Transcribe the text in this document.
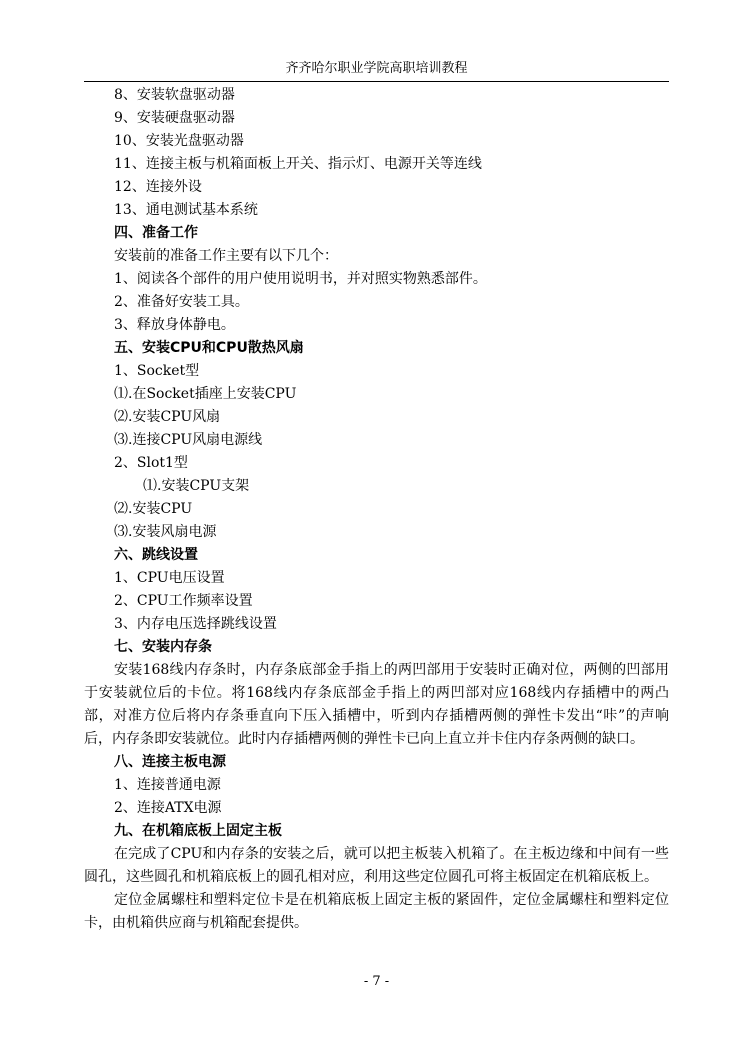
齐齐哈尔职业学院高职培训教程
8、安装软盘驱动器
9、安装硬盘驱动器
10、安装光盘驱动器
11、连接主板与机箱面板上开关、指示灯、电源开关等连线
12、连接外设
13、通电测试基本系统
四、准备工作
安装前的准备工作主要有以下几个：
1、阅读各个部件的用户使用说明书，并对照实物熟悉部件。
2、准备好安装工具。
3、释放身体静电。
五、安装CPU和CPU散热风扇
1、Socket型
⑴.在Socket插座上安装CPU
⑵.安装CPU风扇
⑶.连接CPU风扇电源线
2、Slot1型
⑴.安装CPU支架
⑵.安装CPU
⑶.安装风扇电源
六、跳线设置
1、CPU电压设置
2、CPU工作频率设置
3、内存电压选择跳线设置
七、安装内存条

安装168线内存条时，内存条底部金手指上的两凹部用于安装时正确对位，两侧的凹部用于安装就位后的卡位。将168线内存条底部金手指上的两凹部对应168线内存插槽中的两凸部，对准方位后将内存条垂直向下压入插槽中，听到内存插槽两侧的弹性卡发出“咔”的声响后，内存条即安装就位。此时内存插槽两侧的弹性卡已向上直立并卡住内存条两侧的缺口。

八、连接主板电源
1、连接普通电源
2、连接ATX电源
九、在机箱底板上固定主板

在完成了CPU和内存条的安装之后，就可以把主板装入机箱了。在主板边缘和中间有一些圆孔，这些圆孔和机箱底板上的圆孔相对应，利用这些定位圆孔可将主板固定在机箱底板上。

定位金属螺柱和塑料定位卡是在机箱底板上固定主板的紧固件，定位金属螺柱和塑料定位卡，由机箱供应商与机箱配套提供。

- 7 -
